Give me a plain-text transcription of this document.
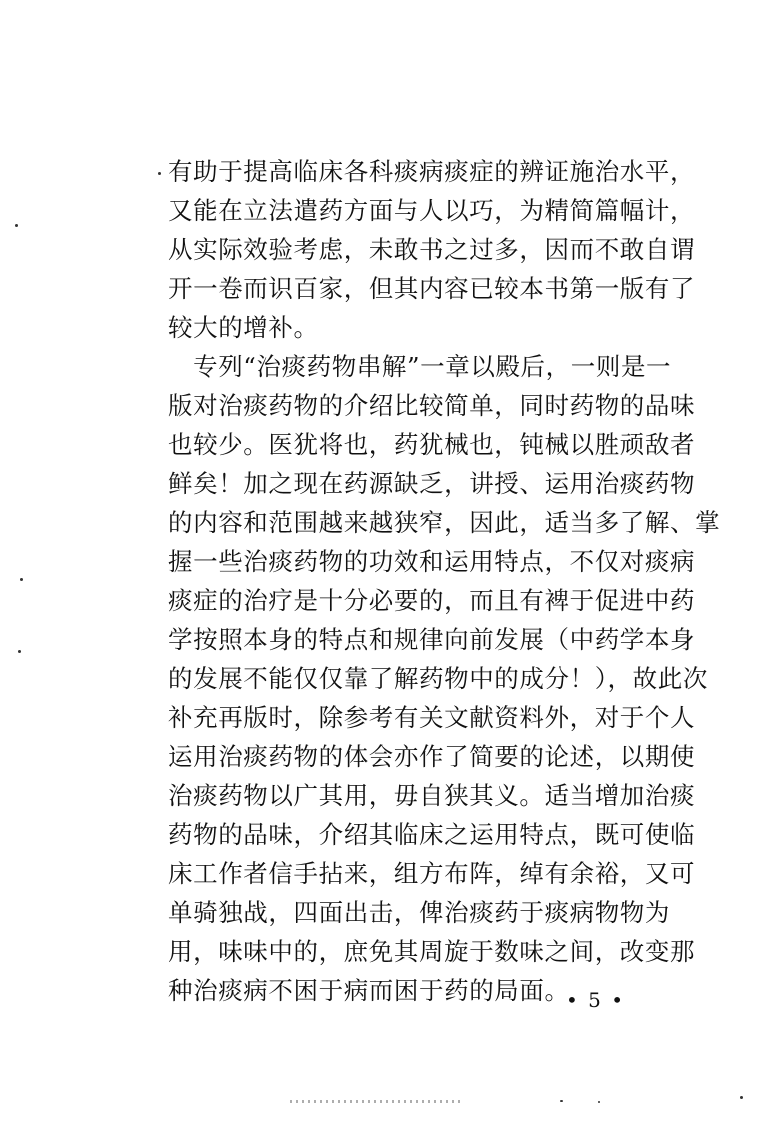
有助于提高临床各科痰病痰症的辨证施治水平，
又能在立法遣药方面与人以巧，为精简篇幅计，
从实际效验考虑，未敢书之过多，因而不敢自谓
开一卷而识百家，但其内容已较本书第一版有了
较大的增补。
　专列“治痰药物串解”一章以殿后，一则是一
版对治痰药物的介绍比较简单，同时药物的品味
也较少。医犹将也，药犹械也，钝械以胜顽敌者
鲜矣！加之现在药源缺乏，讲授、运用治痰药物
的内容和范围越来越狭窄，因此，适当多了解、掌
握一些治痰药物的功效和运用特点，不仅对痰病
痰症的治疗是十分必要的，而且有裨于促进中药
学按照本身的特点和规律向前发展（中药学本身
的发展不能仅仅靠了解药物中的成分！），故此次
补充再版时，除参考有关文献资料外，对于个人
运用治痰药物的体会亦作了简要的论述，以期使
治痰药物以广其用，毋自狭其义。适当增加治痰
药物的品味，介绍其临床之运用特点，既可使临
床工作者信手拈来，组方布阵，绰有余裕，又可
单骑独战，四面出击，俾治痰药于痰病物物为
用，味味中的，庶免其周旋于数味之间，改变那
种治痰病不困于病而困于药的局面。
• 5 •
